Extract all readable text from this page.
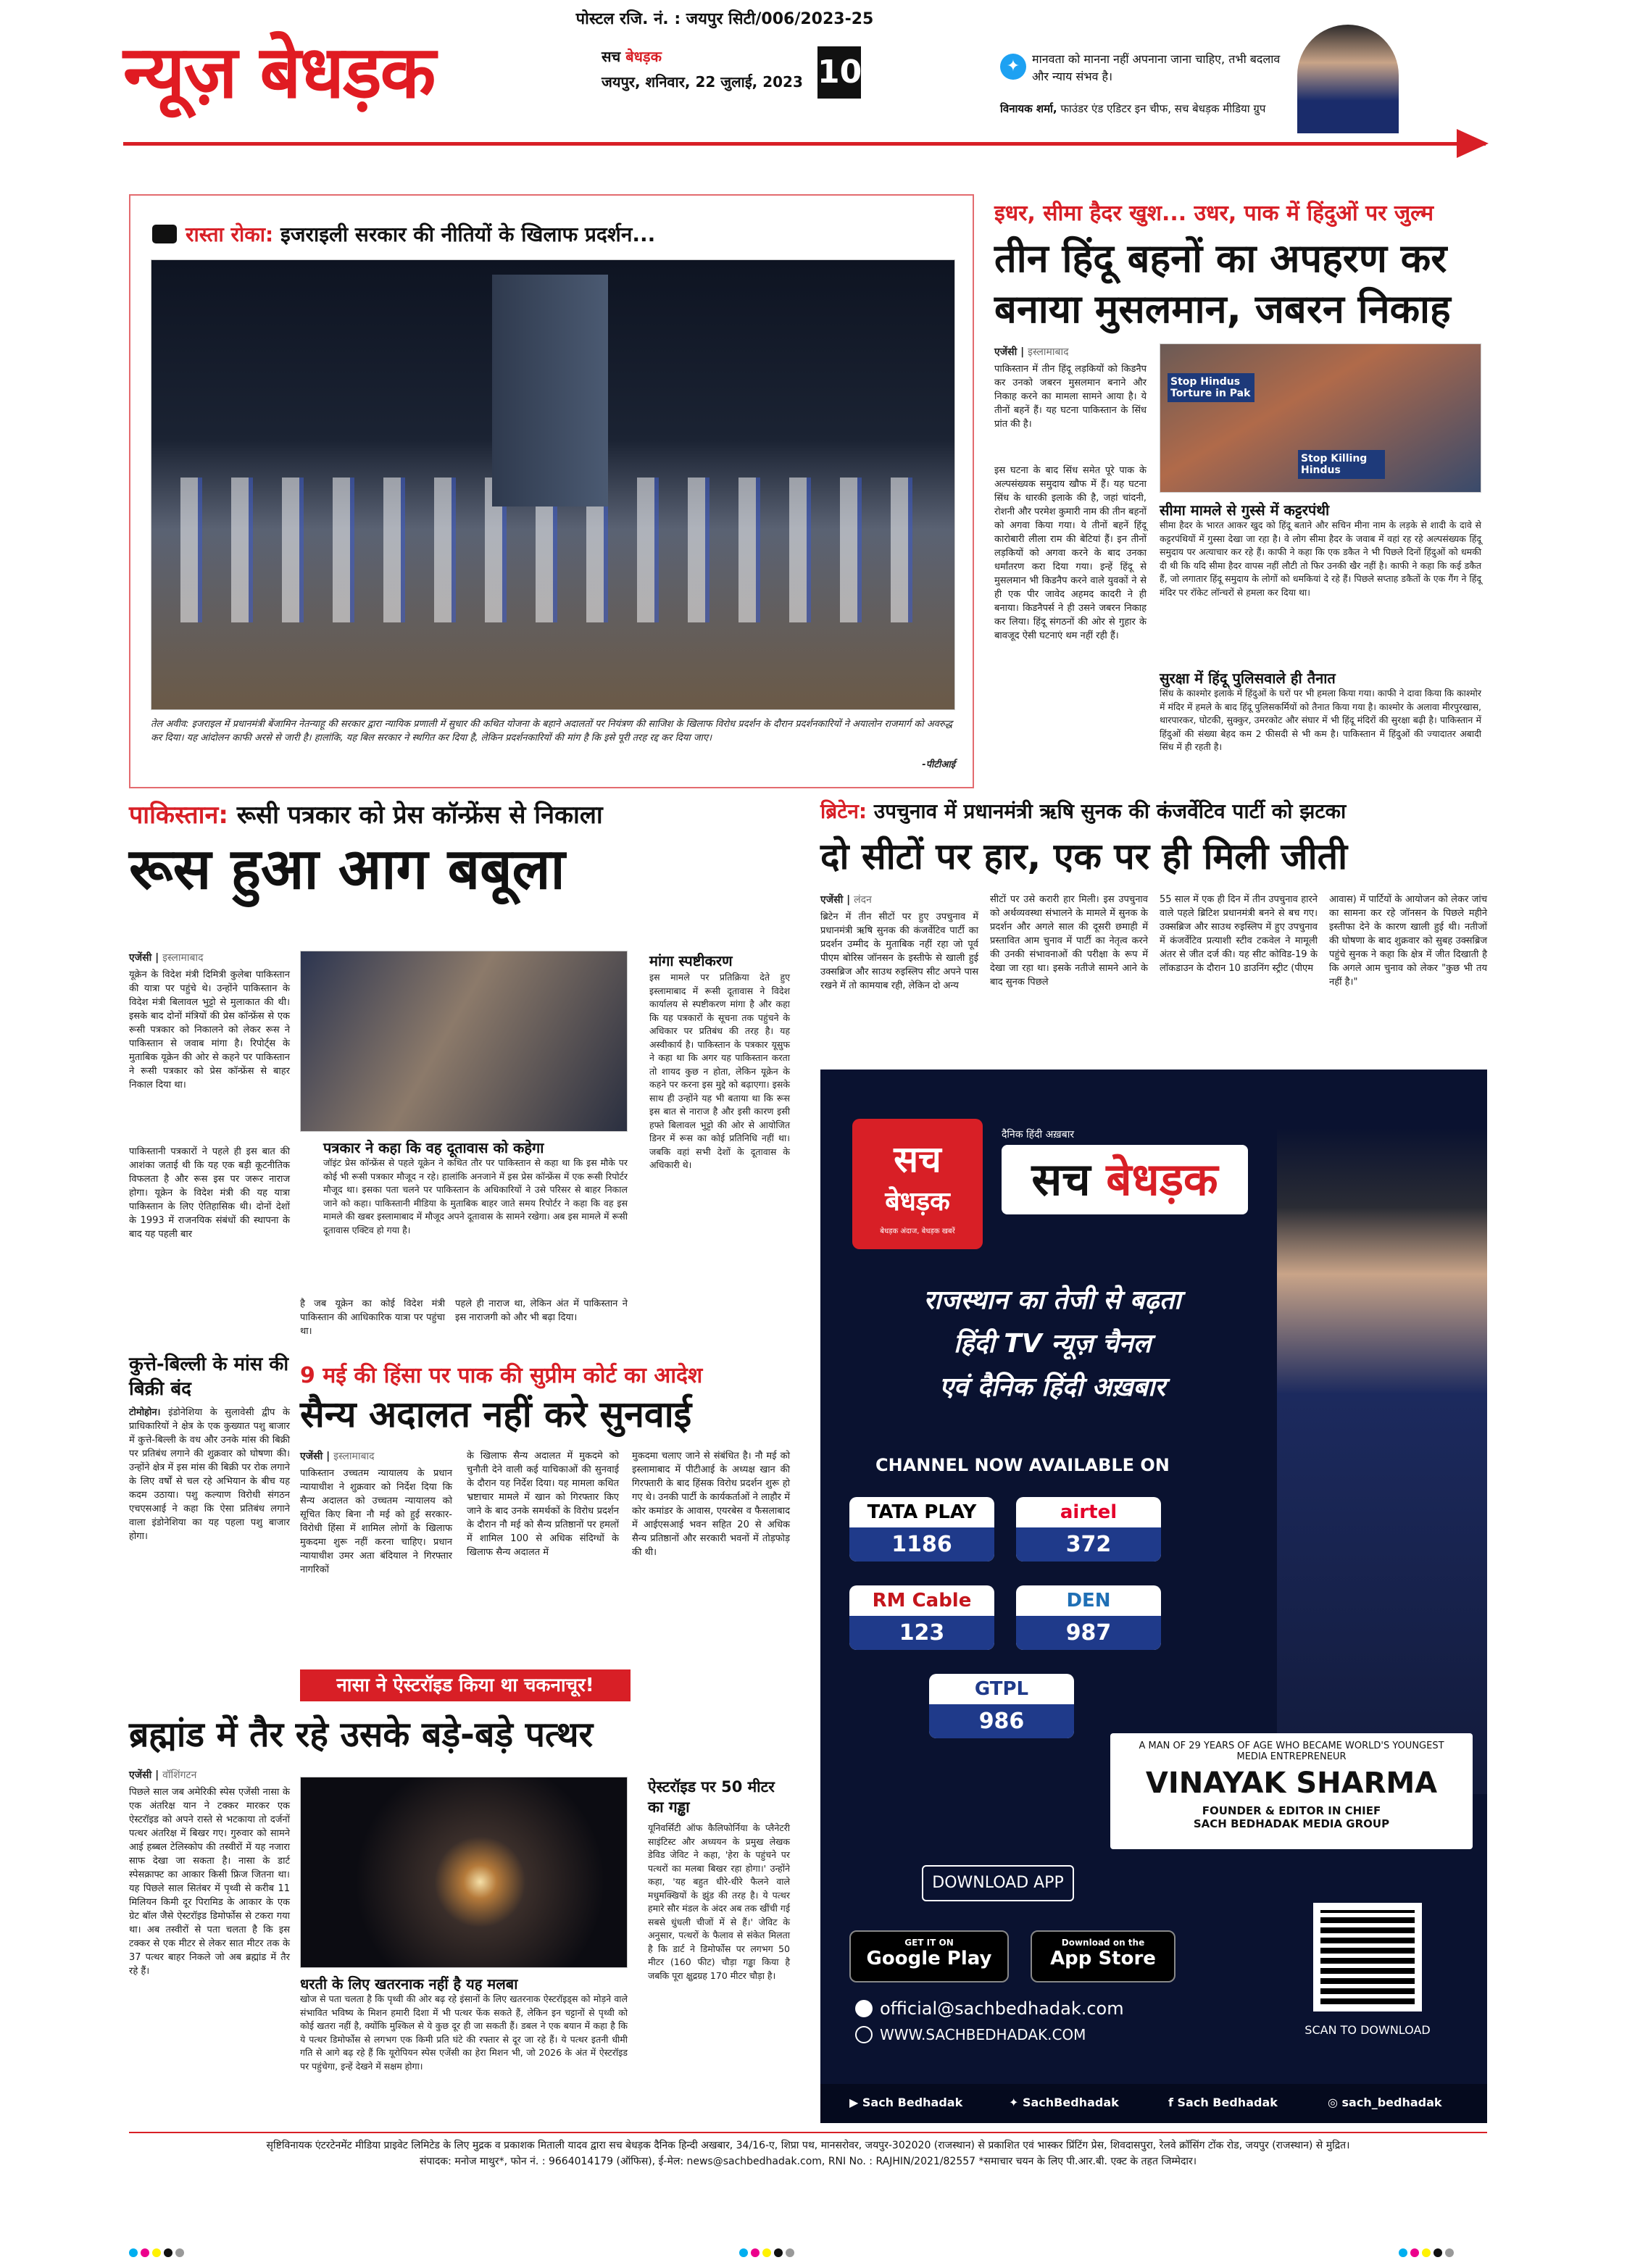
पोस्टल रजि. नं. : जयपुर सिटी/006/2023-25
न्यूज़ बेधड़क	सच बेधड़क
जयपुर, शनिवार, 22 जुलाई, 2023 10	✦	मानवता को मानना नहीं अपनाना जाना चाहिए, तभी बदलाव और न्याय संभव है।
विनायक शर्मा, फाउंडर एंड एडिटर इन चीफ, सच बेधड़क मीडिया ग्रुप
रास्ता रोका: इजराइली सरकार की नीतियों के खिलाफ प्रदर्शन...
तेल अवीव: इजराइल में प्रधानमंत्री बेंजामिन नेतन्याहू की सरकार द्वारा न्यायिक प्रणाली में सुधार की कथित योजना के बहाने अदालतों पर नियंत्रण की साजिश के खिलाफ विरोध प्रदर्शन के दौरान प्रदर्शनकारियों ने अयालोन राजमार्ग को अवरुद्ध कर दिया। यह आंदोलन काफी अरसे से जारी है। हालांकि, यह बिल सरकार ने स्थगित कर दिया है, लेकिन प्रदर्शनकारियों की मांग है कि इसे पूरी तरह रद्द कर दिया जाए।
-पीटीआई
इधर, सीमा हैदर खुश... उधर, पाक में हिंदुओं पर जुल्म
तीन हिंदू बहनों का अपहरण कर बनाया मुसलमान, जबरन निकाह
एजेंसी | इस्लामाबाद
पाकिस्तान में तीन हिंदू लड़कियों को किडनैप कर उनको जबरन मुसलमान बनाने और निकाह करने का मामला सामने आया है। ये तीनों बहनें हैं। यह घटना पाकिस्तान के सिंध प्रांत की है।
इस घटना के बाद सिंध समेत पूरे पाक के अल्पसंख्यक समुदाय खौफ में हैं। यह घटना सिंध के धारकी इलाके की है, जहां चांदनी, रोशनी और परमेश कुमारी नाम की तीन बहनों को अगवा किया गया। ये तीनों बहनें हिंदू कारोबारी लीला राम की बेटियां हैं। इन तीनों लड़कियों को अगवा करने के बाद उनका धर्मांतरण करा दिया गया। इन्हें हिंदू से मुसलमान भी किडनैप करने वाले युवकों ने से ही एक पीर जावेद अहमद कादरी ने ही बनाया। किडनैपर्स ने ही उसने जबरन निकाह कर लिया। हिंदू संगठनों की ओर से गुहार के बावजूद ऐसी घटनाएं थम नहीं रही हैं।
Stop Hindus Torture in Pak
Stop Killing Hindus
सीमा मामले से गुस्से में कट्टरपंथी
सीमा हैदर के भारत आकर खुद को हिंदू बताने और सचिन मीना नाम के लड़के से शादी के दावे से कट्टरपंथियों में गुस्सा देखा जा रहा है। वे लोग सीमा हैदर के जवाब में वहां रह रहे अल्पसंख्यक हिंदू समुदाय पर अत्याचार कर रहे हैं। काफी ने कहा कि एक डकैत ने भी पिछले दिनों हिंदुओं को धमकी दी थी कि यदि सीमा हैदर वापस नहीं लौटी तो फिर उनकी खैर नहीं है। काफी ने कहा कि कई डकैत हैं, जो लगातार हिंदू समुदाय के लोगों को धमकियां दे रहे हैं। पिछले सप्ताह डकैतों के एक गैंग ने हिंदू मंदिर पर रॉकेट लॉन्चरों से हमला कर दिया था।
सुरक्षा में हिंदू पुलिसवाले ही तैनात
सिंध के काश्मोर इलाके में हिंदुओं के घरों पर भी हमला किया गया। काफी ने दावा किया कि काश्मोर में मंदिर में हमले के बाद हिंदू पुलिसकर्मियों को तैनात किया गया है। काश्मोर के अलावा मीरपुरखास, थारपारकर, घोटकी, सुक्कुर, उमरकोट और संघार में भी हिंदू मंदिरों की सुरक्षा बढ़ी है। पाकिस्तान में हिंदुओं की संख्या बेहद कम 2 फीसदी से भी कम है। पाकिस्तान में हिंदुओं की ज्यादातर अबादी सिंध में ही रहती है।
पाकिस्तान: रूसी पत्रकार को प्रेस कॉन्फ्रेंस से निकाला
रूस हुआ आग बबूला
एजेंसी | इस्लामाबाद
यूक्रेन के विदेश मंत्री दिमित्री कुलेबा पाकिस्तान की यात्रा पर पहुंचे थे। उन्होंने पाकिस्तान के विदेश मंत्री बिलावल भुट्टो से मुलाकात की थी। इसके बाद दोनों मंत्रियों की प्रेस कॉन्फ्रेंस से एक रूसी पत्रकार को निकालने को लेकर रूस ने पाकिस्तान से जवाब मांगा है। रिपोर्ट्स के मुताबिक यूक्रेन की ओर से कहने पर पाकिस्तान ने रूसी पत्रकार को प्रेस कॉन्फ्रेंस से बाहर निकाल दिया था।
पाकिस्तानी पत्रकारों ने पहले ही इस बात की आशंका जताई थी कि यह एक बड़ी कूटनीतिक विफलता है और रूस इस पर जरूर नाराज होगा। यूक्रेन के विदेश मंत्री की यह यात्रा पाकिस्तान के लिए ऐतिहासिक थी। दोनों देशों के 1993 में राजनयिक संबंधों की स्थापना के बाद यह पहली बार
पत्रकार ने कहा कि वह दूतावास को कहेगा
जॉइंट प्रेस कॉन्फ्रेंस से पहले यूक्रेन ने कथित तौर पर पाकिस्तान से कहा था कि इस मौके पर कोई भी रूसी पत्रकार मौजूद न रहे। हालांकि अनजाने में इस प्रेस कॉन्फ्रेंस में एक रूसी रिपोर्टर मौजूद था। इसका पता चलने पर पाकिस्तान के अधिकारियों ने उसे परिसर से बाहर निकाल जाने को कहा। पाकिस्तानी मीडिया के मुताबिक बाहर जाते समय रिपोर्टर ने कहा कि वह इस मामले की खबर इस्लामाबाद में मौजूद अपने दूतावास के सामने रखेगा। अब इस मामले में रूसी दूतावास एक्टिव हो गया है।
है जब यूक्रेन का कोई विदेश मंत्री पाकिस्तान की आधिकारिक यात्रा पर पहुंचा था।
पहले ही नाराज था, लेकिन अंत में पाकिस्तान ने इस नाराजगी को और भी बढ़ा दिया।
मांगा स्पष्टीकरण
इस मामले पर प्रतिक्रिया देते हुए इस्लामाबाद में रूसी दूतावास ने विदेश कार्यालय से स्पष्टीकरण मांगा है और कहा कि यह पत्रकारों के सूचना तक पहुंचने के अधिकार पर प्रतिबंध की तरह है। यह अस्वीकार्य है। पाकिस्तान के पत्रकार यूसुफ ने कहा था कि अगर यह पाकिस्तान करता तो शायद कुछ न होता, लेकिन यूक्रेन के कहने पर करना इस मुद्दे को बढ़ाएगा। इसके साथ ही उन्होंने यह भी बताया था कि रूस इस बात से नाराज है और इसी कारण इसी हफ्ते बिलावल भुट्टो की ओर से आयोजित डिनर में रूस का कोई प्रतिनिधि नहीं था। जबकि वहां सभी देशों के दूतावास के अधिकारी थे।
ब्रिटेन: उपचुनाव में प्रधानमंत्री ऋषि सुनक की कंजर्वेटिव पार्टी को झटका
दो सीटों पर हार, एक पर ही मिली जीती
एजेंसी | लंदन
ब्रिटेन में तीन सीटों पर हुए उपचुनाव में प्रधानमंत्री ऋषि सुनक की कंजर्वेटिव पार्टी का प्रदर्शन उम्मीद के मुताबिक नहीं रहा जो पूर्व पीएम बोरिस जॉनसन के इस्तीफे से खाली हुई उक्सब्रिज और साउथ रुइस्लिप सीट अपने पास रखने में तो कामयाब रही, लेकिन दो अन्य
सीटों पर उसे करारी हार मिली। इस उपचुनाव को अर्थव्यवस्था संभालने के मामले में सुनक के प्रदर्शन और अगले साल की दूसरी छमाही में प्रस्तावित आम चुनाव में पार्टी का नेतृत्व करने की उनकी संभावनाओं की परीक्षा के रूप में देखा जा रहा था। इसके नतीजे सामने आने के बाद सुनक पिछले
55 साल में एक ही दिन में तीन उपचुनाव हारने वाले पहले ब्रिटिश प्रधानमंत्री बनने से बच गए। उक्सब्रिज और साउथ रुइस्लिप में हुए उपचुनाव में कंजर्वेटिव प्रत्याशी स्टीव टकवेल ने मामूली अंतर से जीत दर्ज की। यह सीट कोविड-19 के लॉकडाउन के दौरान 10 डाउनिंग स्ट्रीट (पीएम
आवास) में पार्टियों के आयोजन को लेकर जांच का सामना कर रहे जॉनसन के पिछले महीने इस्तीफा देने के कारण खाली हुई थी। नतीजों की घोषणा के बाद शुक्रवार को सुबह उक्सब्रिज पहुंचे सुनक ने कहा कि क्षेत्र में जीत दिखाती है कि अगले आम चुनाव को लेकर "कुछ भी तय नहीं है।"
कुत्ते-बिल्ली के मांस की बिक्री बंद
टोमोहोन। इंडोनेशिया के सुलावेसी द्वीप के प्राधिकारियों ने क्षेत्र के एक कुख्यात पशु बाजार में कुत्ते-बिल्ली के वध और उनके मांस की बिक्री पर प्रतिबंध लगाने की शुक्रवार को घोषणा की। उन्होंने क्षेत्र में इस मांस की बिक्री पर रोक लगाने के लिए वर्षों से चल रहे अभियान के बीच यह कदम उठाया। पशु कल्याण विरोधी संगठन एचएसआई ने कहा कि ऐसा प्रतिबंध लगाने वाला इंडोनेशिया का यह पहला पशु बाजार होगा।
9 मई की हिंसा पर पाक की सुप्रीम कोर्ट का आदेश
सैन्य अदालत नहीं करे सुनवाई
एजेंसी | इस्लामाबाद
पाकिस्तान उच्चतम न्यायालय के प्रधान न्यायाधीश ने शुक्रवार को निर्देश दिया कि सैन्य अदालत को उच्चतम न्यायालय को सूचित किए बिना नौ मई को हुई सरकार-विरोधी हिंसा में शामिल लोगों के खिलाफ मुकदमा शुरू नहीं करना चाहिए। प्रधान न्यायाधीश उमर अता बंदियाल ने गिरफ्तार नागरिकों
के खिलाफ सैन्य अदालत में मुकदमे को चुनौती देने वाली कई याचिकाओं की सुनवाई के दौरान यह निर्देश दिया। यह मामला कथित भ्रष्टाचार मामले में खान को गिरफ्तार किए जाने के बाद उनके समर्थकों के विरोध प्रदर्शन के दौरान नौ मई को सैन्य प्रतिष्ठानों पर हमलों में शामिल 100 से अधिक संदिग्धों के खिलाफ सैन्य अदालत में
मुकदमा चलाए जाने से संबंधित है। नौ मई को इस्लामाबाद में पीटीआई के अध्यक्ष खान की गिरफ्तारी के बाद हिंसक विरोध प्रदर्शन शुरू हो गए थे। उनकी पार्टी के कार्यकर्ताओं ने लाहौर में कोर कमांडर के आवास, एयरबेस व फैसलाबाद में आईएसआई भवन सहित 20 से अधिक सैन्य प्रतिष्ठानों और सरकारी भवनों में तोड़फोड़ की थी।
नासा ने ऐस्टरॉइड किया था चकनाचूर!
ब्रह्मांड में तैर रहे उसके बड़े-बड़े पत्थर
एजेंसी | वॉशिंगटन
पिछले साल जब अमेरिकी स्पेस एजेंसी नासा के एक अंतरिक्ष यान ने टक्कर मारकर एक ऐस्टरॉइड को अपने रास्ते से भटकाया तो दर्जनों पत्थर अंतरिक्ष में बिखर गए। गुरुवार को सामने आई हब्बल टेलिस्कोप की तस्वीरों में यह नजारा साफ देखा जा सकता है। नासा के डार्ट स्पेसक्राफ्ट का आकार किसी फ्रिज जितना था। यह पिछले साल सितंबर में पृथ्वी से करीब 11 मिलियन किमी दूर पिरामिड के आकार के एक ग्रेट बॉल जैसे ऐस्टरॉइड डिमोर्फोस से टकरा गया था। अब तस्वीरों से पता चलता है कि इस टक्कर से एक मीटर से लेकर सात मीटर तक के 37 पत्थर बाहर निकले जो अब ब्रह्मांड में तैर रहे हैं।
धरती के लिए खतरनाक नहीं है यह मलबा
खोज से पता चलता है कि पृथ्वी की ओर बढ़ रहे इंसानों के लिए खतरनाक ऐस्टरॉइड्स को मोड़ने वाले संभावित भविष्य के मिशन हमारी दिशा में भी पत्थर फेंक सकते हैं, लेकिन इन चट्टानों से पृथ्वी को कोई खतरा नहीं है, क्योंकि मुश्किल से ये कुछ दूर ही जा सकती हैं। डबल ने एक बयान में कहा है कि ये पत्थर डिमोर्फोस से लगभग एक किमी प्रति घंटे की रफ्तार से दूर जा रहे हैं। ये पत्थर इतनी धीमी गति से आगे बढ़ रहे हैं कि यूरोपियन स्पेस एजेंसी का हेरा मिशन भी, जो 2026 के अंत में ऐस्टरॉइड पर पहुंचेगा, इन्हें देखने में सक्षम होगा।
ऐस्टरॉइड पर 50 मीटर का गड्ढा
यूनिवर्सिटी ऑफ कैलिफोर्निया के प्लैनेटरी साइंटिस्ट और अध्ययन के प्रमुख लेखक डेविड जेविट ने कहा, 'हेरा के पहुंचने पर पत्थरों का मलबा बिखर रहा होगा।' उन्होंने कहा, 'यह बहुत धीरे-धीरे फैलने वाले मधुमक्खियों के झुंड की तरह है। ये पत्थर हमारे सौर मंडल के अंदर अब तक खींची गई सबसे धुंधली चीजों में से हैं।' जेविट के अनुसार, पत्थरों के फैलाव से संकेत मिलता है कि डार्ट ने डिमोर्फोस पर लगभग 50 मीटर (160 फीट) चौड़ा गड्ढा किया है जबकि पूरा क्षुद्रग्रह 170 मीटर चौड़ा है।
सच
बेधड़क
बेधड़क अंदाज, बेधड़क खबरें
दैनिक हिंदी अख़बार
सच बेधड़क
राजस्थान का तेजी से बढ़ता
हिंदी TV न्यूज़ चैनल
एवं दैनिक हिंदी अख़बार
CHANNEL NOW AVAILABLE ON
TATA PLAY
1186
airtel
372
RM Cable
123
DEN
987
GTPL
986
A MAN OF 29 YEARS OF AGE WHO BECAME WORLD'S YOUNGEST MEDIA ENTREPRENEUR
VINAYAK SHARMA
FOUNDER & EDITOR IN CHIEF
SACH BEDHADAK MEDIA GROUP
DOWNLOAD APP
GET IT ON
Google Play
Download on the
App Store
official@sachbedhadak.com
WWW.SACHBEDHADAK.COM	SCAN TO DOWNLOAD
▶ Sach Bedhadak	✦ SachBedhadak	f Sach Bedhadak	◎ sach_bedhadak
सृष्टिविनायक एंटरटेनमेंट मीडिया प्राइवेट लिमिटेड के लिए मुद्रक व प्रकाशक मिताली यादव द्वारा सच बेधड़क दैनिक हिन्दी अखबार, 34/16-ए, शिप्रा पथ, मानसरोवर, जयपुर-302020 (राजस्थान) से प्रकाशित एवं भास्कर प्रिंटिंग प्रेस, शिवदासपुरा, रेलवे क्रॉसिंग टोंक रोड, जयपुर (राजस्थान) से मुद्रित।
संपादक: मनोज माथुर*, फोन नं. : 9664014179 (ऑफिस), ई-मेल: news@sachbedhadak.com, RNI No. : RAJHIN/2021/82557 *समाचार चयन के लिए पी.आर.बी. एक्ट के तहत जिम्मेदार।
